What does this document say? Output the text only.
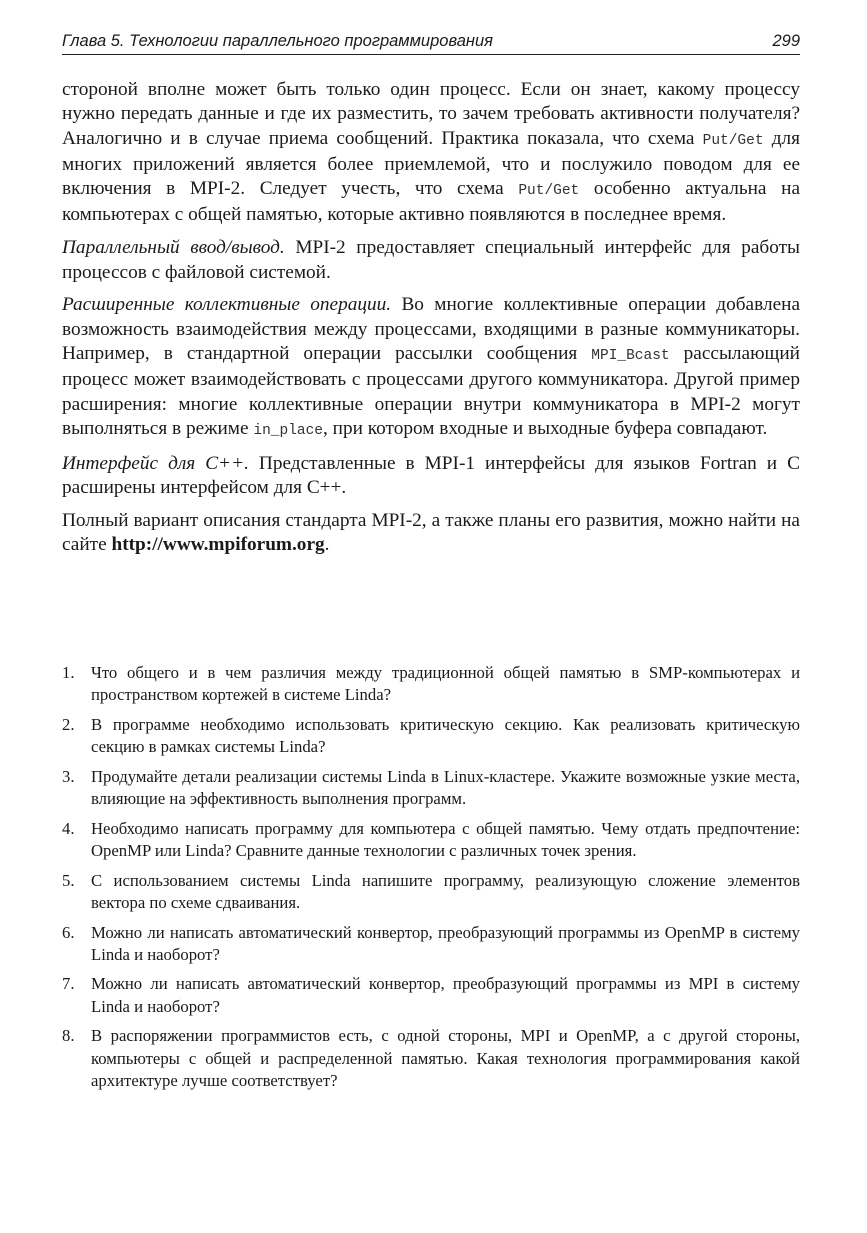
Глава 5. Технологии параллельного программирования	299

стороной вполне может быть только один процесс. Если он знает, какому процессу нужно передать данные и где их разместить, то зачем требовать активности получателя? Аналогично и в случае приема сообщений. Практика показала, что схема Put/Get для многих приложений является более приемлемой, что и послужило поводом для ее включения в MPI-2. Следует учесть, что схема Put/Get особенно актуальна на компьютерах с общей памятью, которые активно появляются в последнее время.

Параллельный ввод/вывод. MPI-2 предоставляет специальный интерфейс для работы процессов с файловой системой.

Расширенные коллективные операции. Во многие коллективные операции добавлена возможность взаимодействия между процессами, входящими в разные коммуникаторы. Например, в стандартной операции рассылки сообщения MPI_Bcast рассылающий процесс может взаимодействовать с процессами другого коммуникатора. Другой пример расширения: многие коллективные операции внутри коммуникатора в MPI-2 могут выполняться в режиме in_place, при котором входные и выходные буфера совпадают.

Интерфейс для C++. Представленные в MPI-1 интерфейсы для языков Fortran и C расширены интерфейсом для C++.

Полный вариант описания стандарта MPI-2, а также планы его развития, можно найти на сайте http://www.mpiforum.org.

1. Что общего и в чем различия между традиционной общей памятью в SMP-компьютерах и пространством кортежей в системе Linda?
2. В программе необходимо использовать критическую секцию. Как реализовать критическую секцию в рамках системы Linda?
3. Продумайте детали реализации системы Linda в Linux-кластере. Укажите возможные узкие места, влияющие на эффективность выполнения программ.
4. Необходимо написать программу для компьютера с общей памятью. Чему отдать предпочтение: OpenMP или Linda? Сравните данные технологии с различных точек зрения.
5. С использованием системы Linda напишите программу, реализующую сложение элементов вектора по схеме сдваивания.
6. Можно ли написать автоматический конвертор, преобразующий программы из OpenMP в систему Linda и наоборот?
7. Можно ли написать автоматический конвертор, преобразующий программы из MPI в систему Linda и наоборот?
8. В распоряжении программистов есть, с одной стороны, MPI и OpenMP, а с другой стороны, компьютеры с общей и распределенной памятью. Какая технология программирования какой архитектуре лучше соответствует?
